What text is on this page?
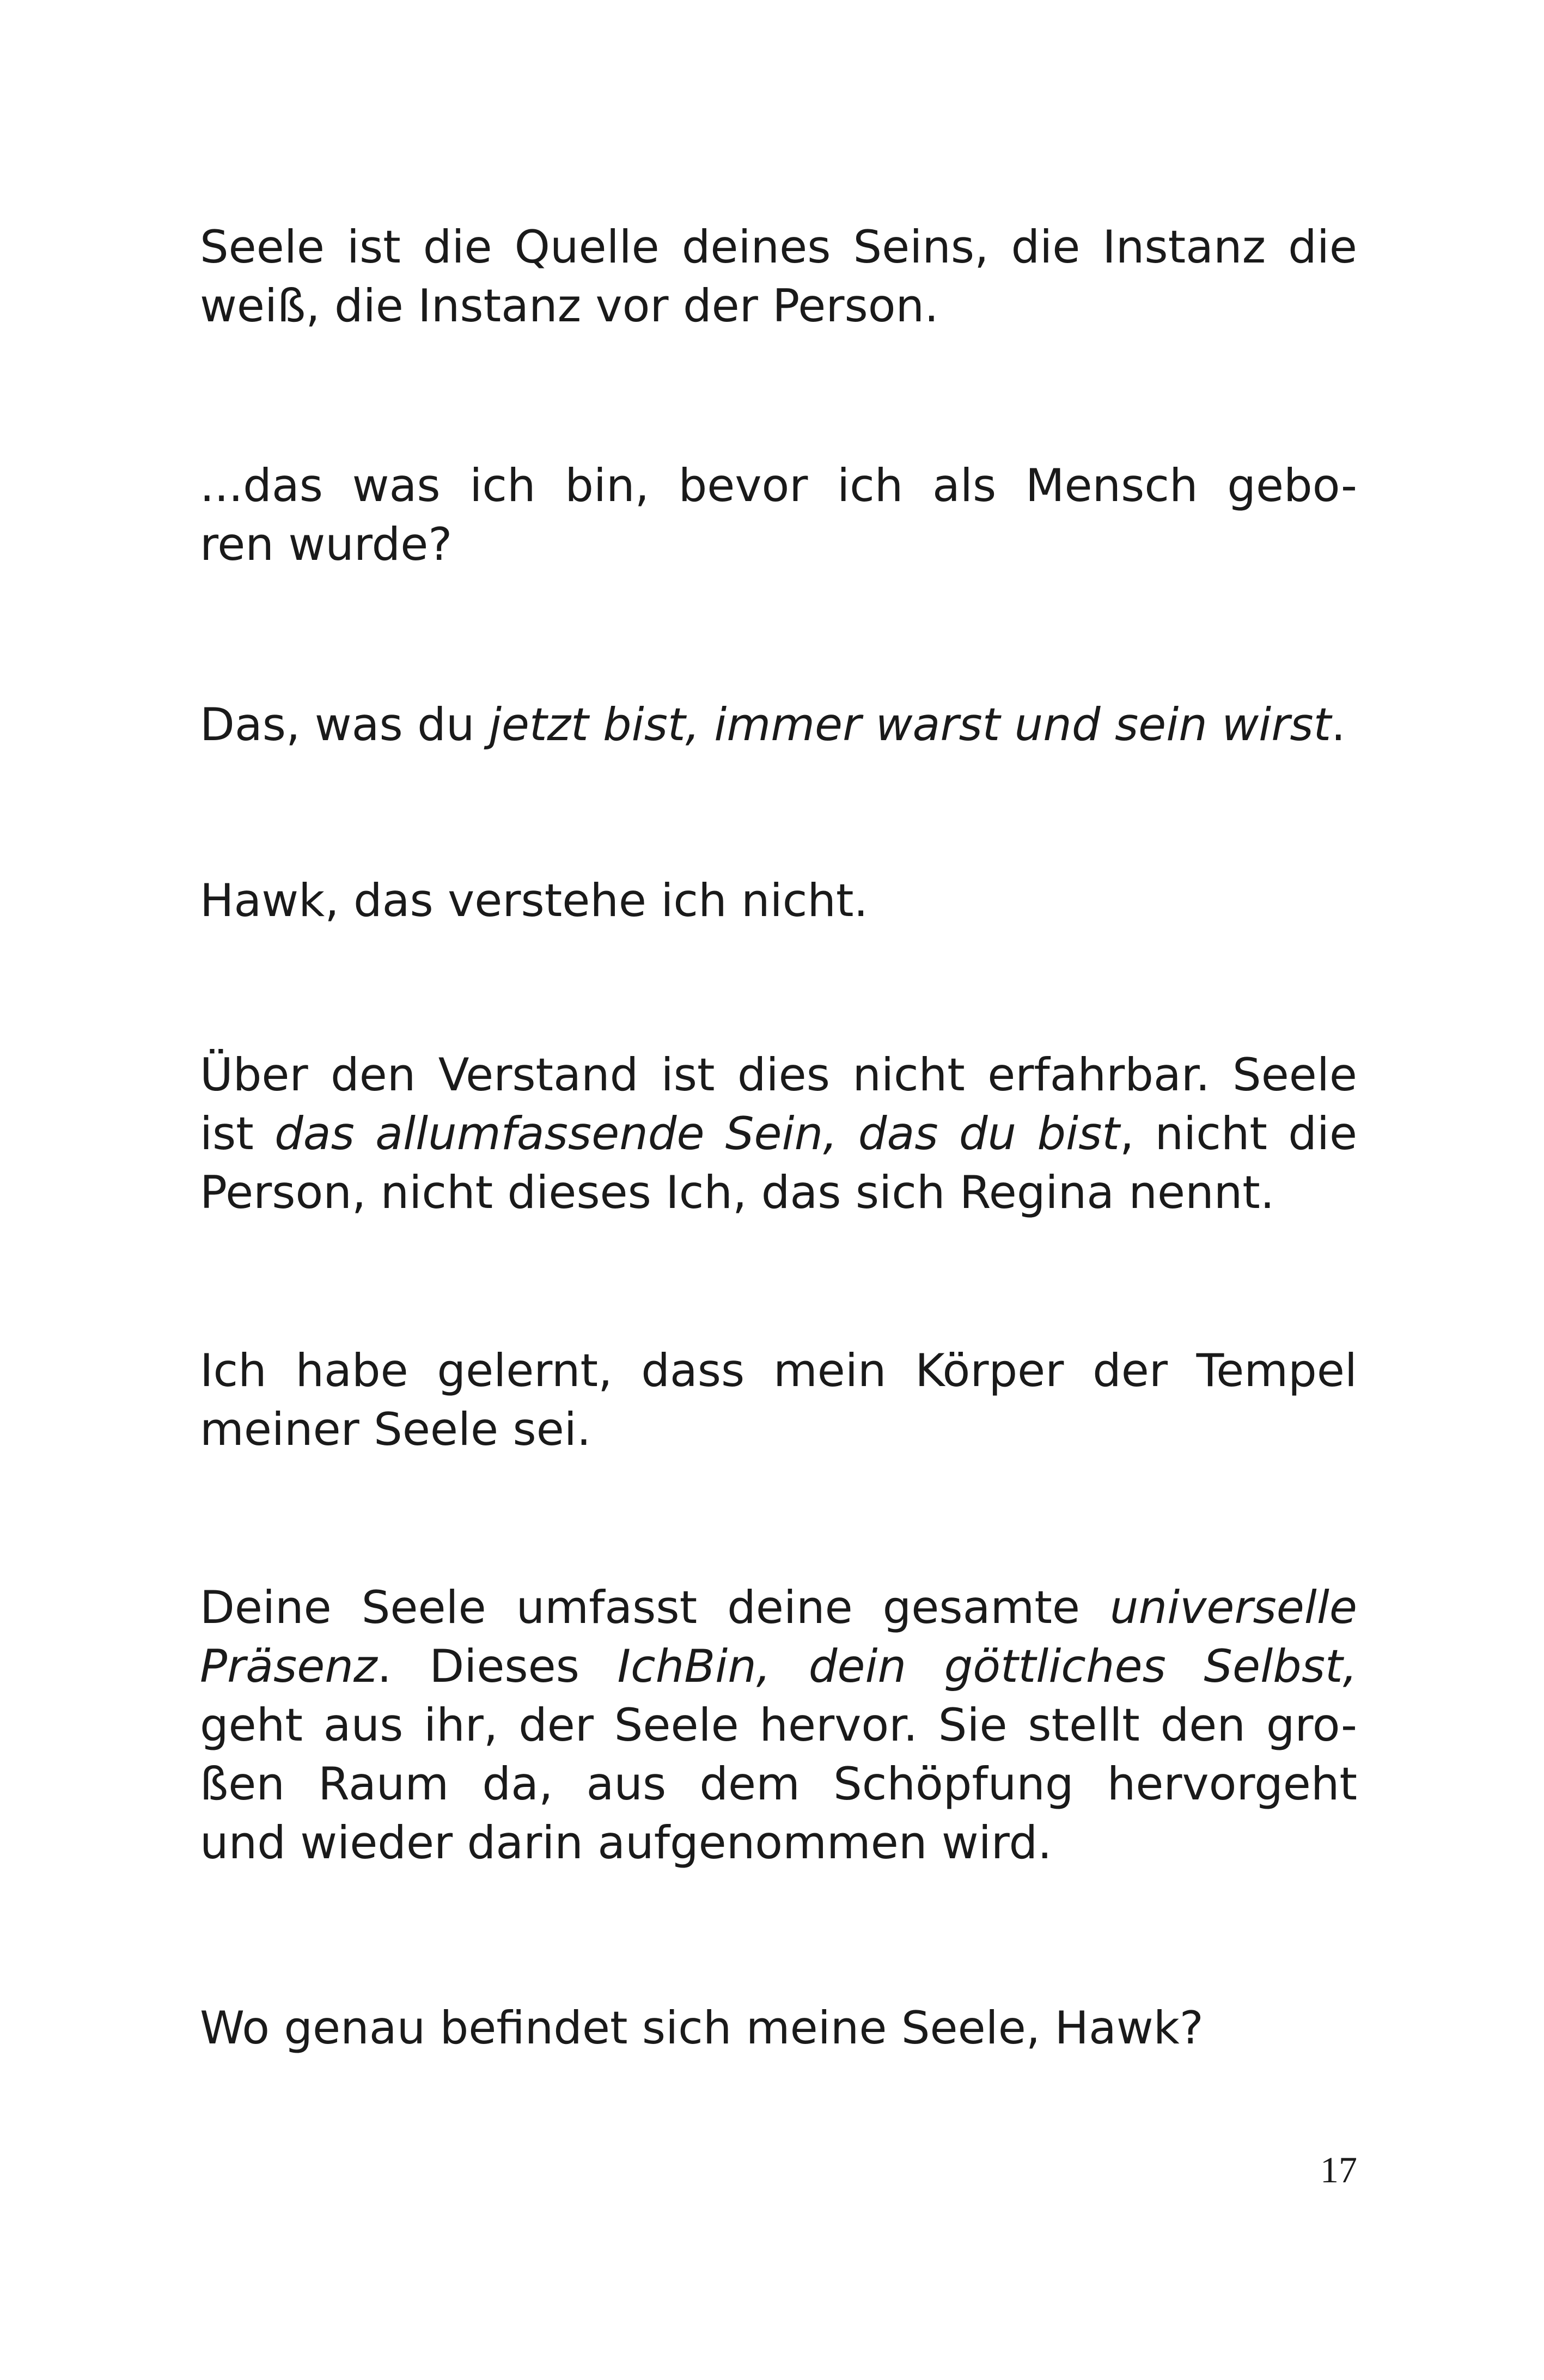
Seele ist die Quelle deines Seins, die Instanz die
weiß, die Instanz vor der Person.

...das was ich bin, bevor ich als Mensch gebo-
ren wurde?

Das, was du jetzt bist, immer warst und sein wirst.

Hawk, das verstehe ich nicht.

Über den Verstand ist dies nicht erfahrbar. Seele
ist das allumfassende Sein, das du bist, nicht die
Person, nicht dieses Ich, das sich Regina nennt.

Ich habe gelernt, dass mein Körper der Tempel
meiner Seele sei.

Deine Seele umfasst deine gesamte universelle
Präsenz. Dieses IchBin, dein göttliches Selbst,
geht aus ihr, der Seele hervor. Sie stellt den gro-
ßen Raum da, aus dem Schöpfung hervorgeht
und wieder darin aufgenommen wird.

Wo genau befindet sich meine Seele, Hawk?

17
